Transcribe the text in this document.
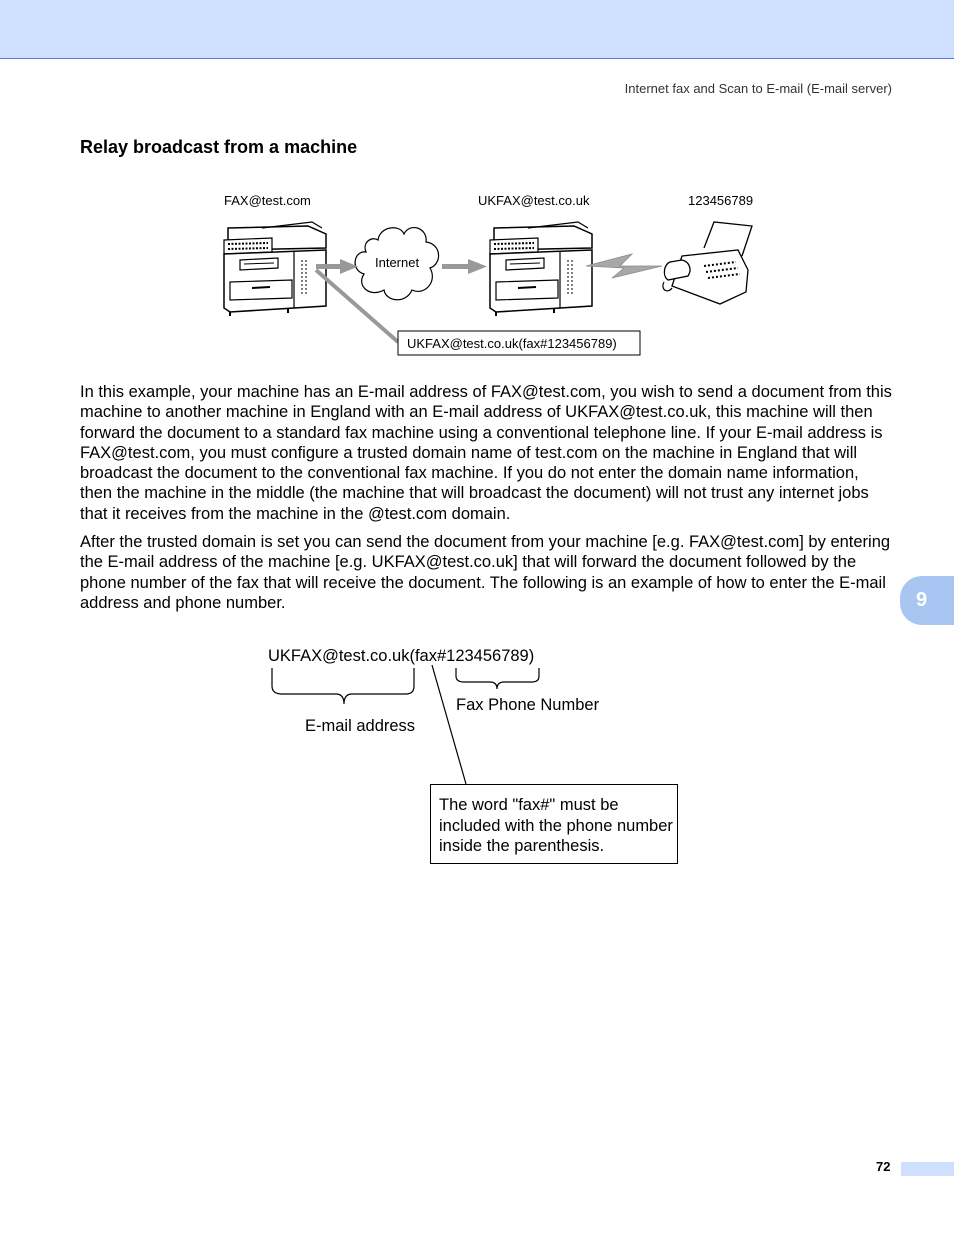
Internet fax and Scan to E-mail (E-mail server)
Relay broadcast from a machine
9
FAX@test.com	UKFAX@test.co.uk	123456789
Internet
UKFAX@test.co.uk(fax#123456789)

In this example, your machine has an E-mail address of FAX@test.com, you wish to send a document from this machine to another machine in England with an E-mail address of UKFAX@test.co.uk, this machine will then forward the document to a standard fax machine using a conventional telephone line. If your E-mail address is FAX@test.com, you must configure a trusted domain name of test.com on the machine in England that will broadcast the document to the conventional fax machine. If you do not enter the domain name information, then the machine in the middle (the machine that will broadcast the document) will not trust any internet jobs that it receives from the machine in the @test.com domain.

After the trusted domain is set you can send the document from your machine [e.g. FAX@test.com] by entering the E-mail address of the machine [e.g. UKFAX@test.co.uk] that will forward the document followed by the phone number of the fax that will receive the document. The following is an example of how to enter the E-mail address and phone number.

UKFAX@test.co.uk(fax#123456789)
E-mail address
Fax Phone Number
The word "fax#" must be included with the phone number inside the parenthesis.
72
